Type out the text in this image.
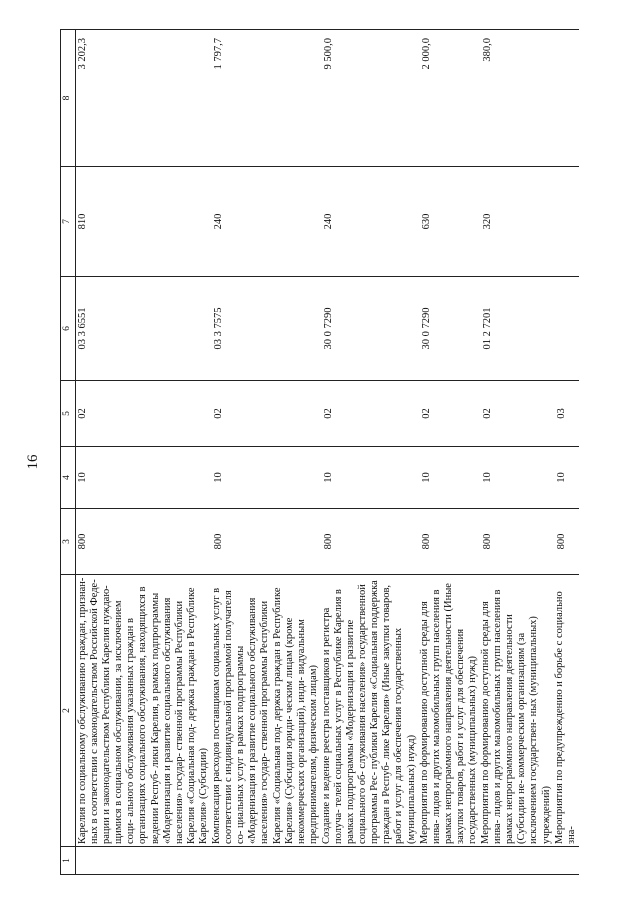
16
1	2	3	4	5	6	7	8
	Карелия по социальному обслуживанию граждан, признан- ных в соответствии с законодательством Российской Феде- рации и законодательством Республики Карелия нуждаю- щимися в социальном обслуживании, за исключением соци- ального обслуживания указанных граждан в организациях социального обслуживания, находящихся в ведении Респуб- лики Карелия, в рамках подпрограммы «Модернизация и развитие социального обслуживания населения» государ- ственной программы Республики Карелия «Социальная под- держка граждан в Республике Карелия» (Субсидии)	800	10	02	03 3 6551	810	3 202,3
	Компенсация расходов поставщикам социальных услуг в соответствии с индивидуальной программой получателя со- циальных услуг в рамках подпрограммы «Модернизация и развитие социального обслуживания населения» государ- ственной программы Республики Карелия «Социальная под- держка граждан в Республике Карелия» (Субсидии юриди- ческим лицам (кроме некоммерческих организаций), инди- видуальным предпринимателям, физическим лицам)	800	10	02	03 3 7575	240	1 797,7
	Создание и ведение реестра поставщиков и регистра получа- телей социальных услуг в Республике Карелия в рамках подпрограммы «Модернизация и развитие социального об- служивания населения» государственной программы Рес- публики Карелия «Социальная поддержка граждан в Респуб- лике Карелия» (Иные закупки товаров, работ и услуг для обеспечения государственных (муниципальных) нужд)	800	10	02	30 0 7290	240	9 500,0
	Мероприятия по формированию доступной среды для инва- лидов и других маломобильных групп населения в рамках непрограммного направления деятельности (Иные закупки товаров, работ и услуг для обеспечения государственных (муниципальных) нужд)	800	10	02	30 0 7290	630	2 000,0
	Мероприятия по формированию доступной среды для инва- лидов и других маломобильных групп населения в рамках непрограммного направления деятельности (Субсидии не- коммерческим организациям (за исключением государствен- ных (муниципальных) учреждений)	800	10	02	01 2 7201	320	380,0
	Мероприятия по предупреждению и борьбе с социально зна-	800	10	03			
